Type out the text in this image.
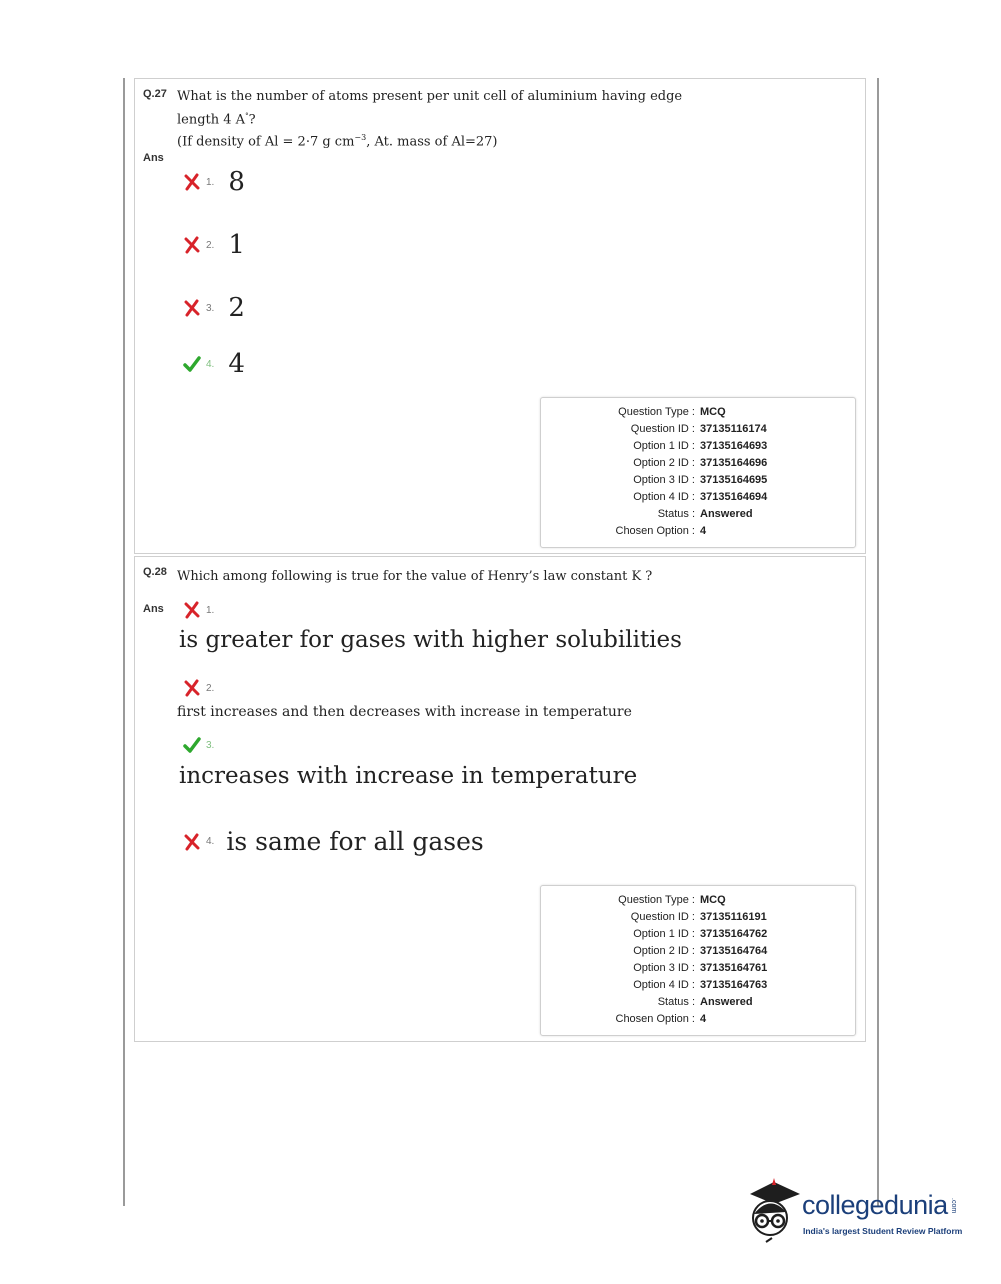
Q.27 What is the number of atoms present per unit cell of aluminium having edge
length 4 A°?
(If density of Al = 2·7 g $cm^{-3}$, At. mass of Al=27)
Ans
1. 8
2. 1
3. 2
4. 4
Question Type : MCQ
Question ID : 37135116174
Option 1 ID : 37135164693
Option 2 ID : 37135164696
Option 3 ID : 37135164695
Option 4 ID : 37135164694
Status : Answered
Chosen Option : 4
Q.28 Which among following is true for the value of Henry’s law constant K ?
Ans	1.
is greater for gases with higher solubilities
2.
first increases and then decreases with increase in temperature
3.
increases with increase in temperature
4. is same for all gases
Question Type : MCQ
Question ID : 37135116191
Option 1 ID : 37135164762
Option 2 ID : 37135164764
Option 3 ID : 37135164761
Option 4 ID : 37135164763
Status : Answered
Chosen Option : 4
collegedunia .com
India's largest Student Review Platform
